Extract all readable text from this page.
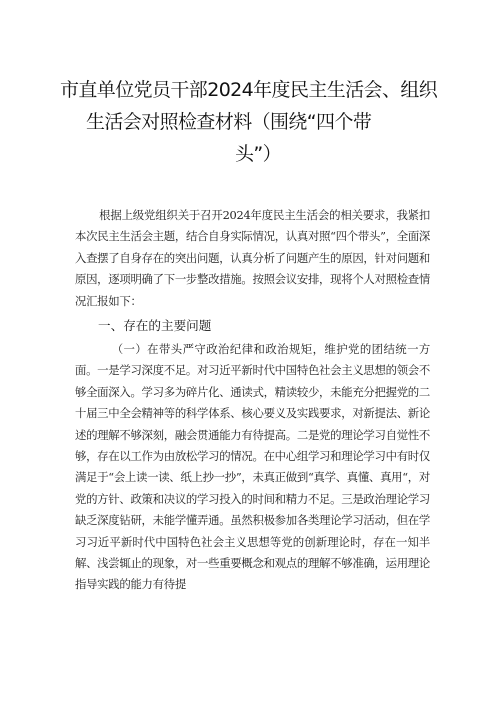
市直单位党员干部2024年度民主生活会、组织
生活会对照检查材料（围绕“四个带
头”）
根据上级党组织关于召开2024年度民主生活会的相关要求，我紧扣本次民主生活会主题，结合自身实际情况，认真对照“四个带头”，全面深入查摆了自身存在的突出问题，认真分析了问题产生的原因，针对问题和原因，逐项明确了下一步整改措施。按照会议安排，现将个人对照检查情况汇报如下：
一、存在的主要问题
（一）在带头严守政治纪律和政治规矩，维护党的团结统一方面。一是学习深度不足。对习近平新时代中国特色社会主义思想的领会不够全面深入。学习多为碎片化、通读式，精读较少，未能充分把握党的二十届三中全会精神等的科学体系、核心要义及实践要求，对新提法、新论述的理解不够深刻，融会贯通能力有待提高。二是党的理论学习自觉性不够，存在以工作为由放松学习的情况。在中心组学习和理论学习中有时仅满足于“会上读一读、纸上抄一抄”，未真正做到“真学、真懂、真用“，对党的方针、政策和决议的学习投入的时间和精力不足。三是政治理论学习缺乏深度钻研，未能学懂弄通。虽然积极参加各类理论学习活动，但在学习习近平新时代中国特色社会主义思想等党的创新理论时，存在一知半解、浅尝辄止的现象，对一些重要概念和观点的理解不够准确，运用理论指导实践的能力有待提
